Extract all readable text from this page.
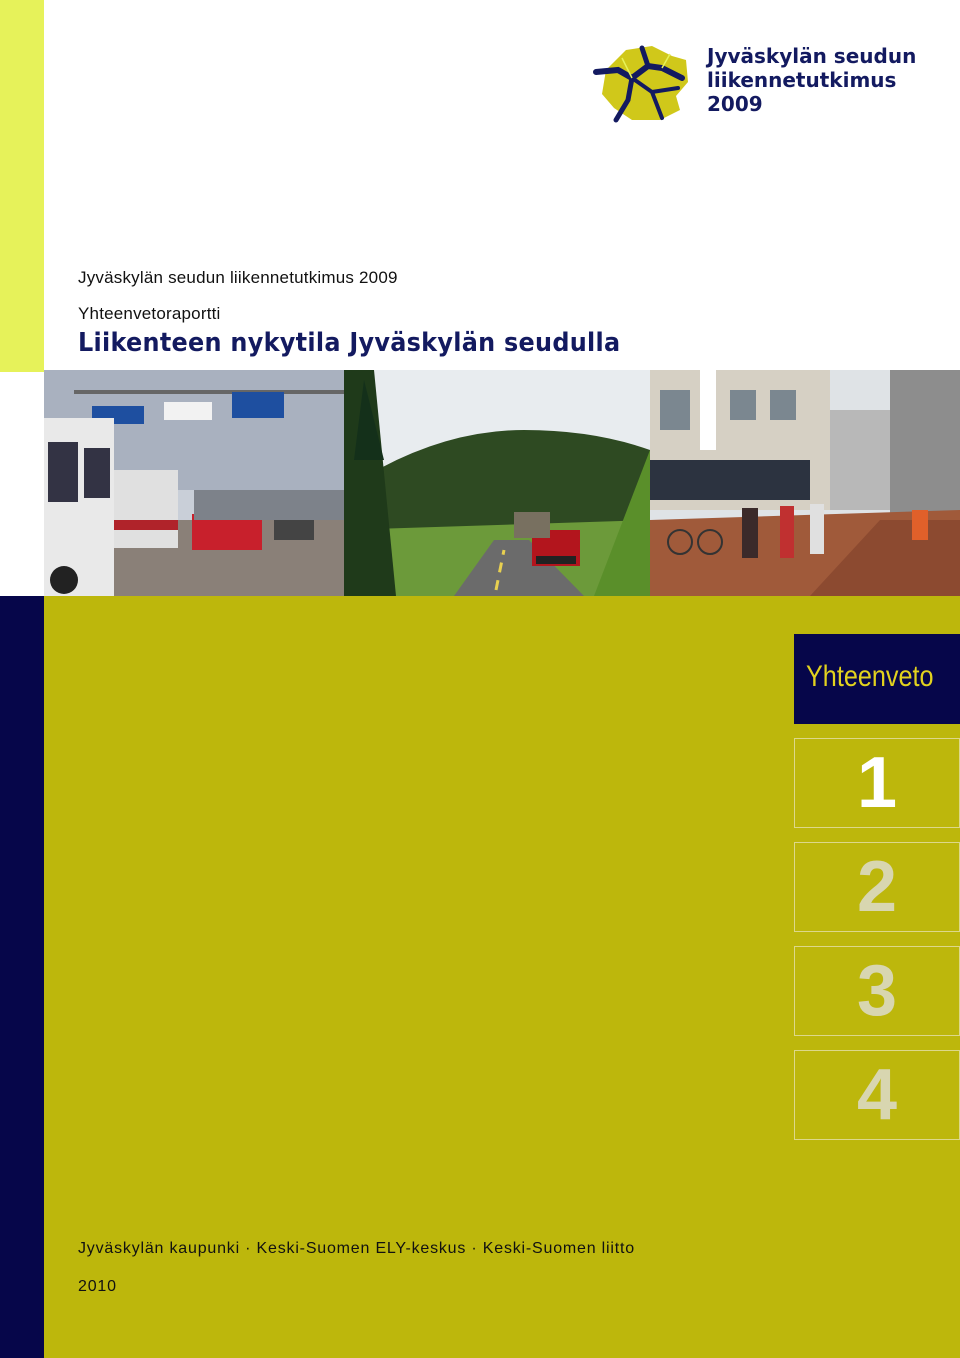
Jyväskylän seudun
liikennetutkimus
2009
Jyväskylän seudun liikennetutkimus 2009
Yhteenvetoraportti
Liikenteen nykytila Jyväskylän seudulla
Yhteenveto
1
2
3
4
Jyväskylän kaupunki · Keski-Suomen ELY-keskus · Keski-Suomen liitto
2010
